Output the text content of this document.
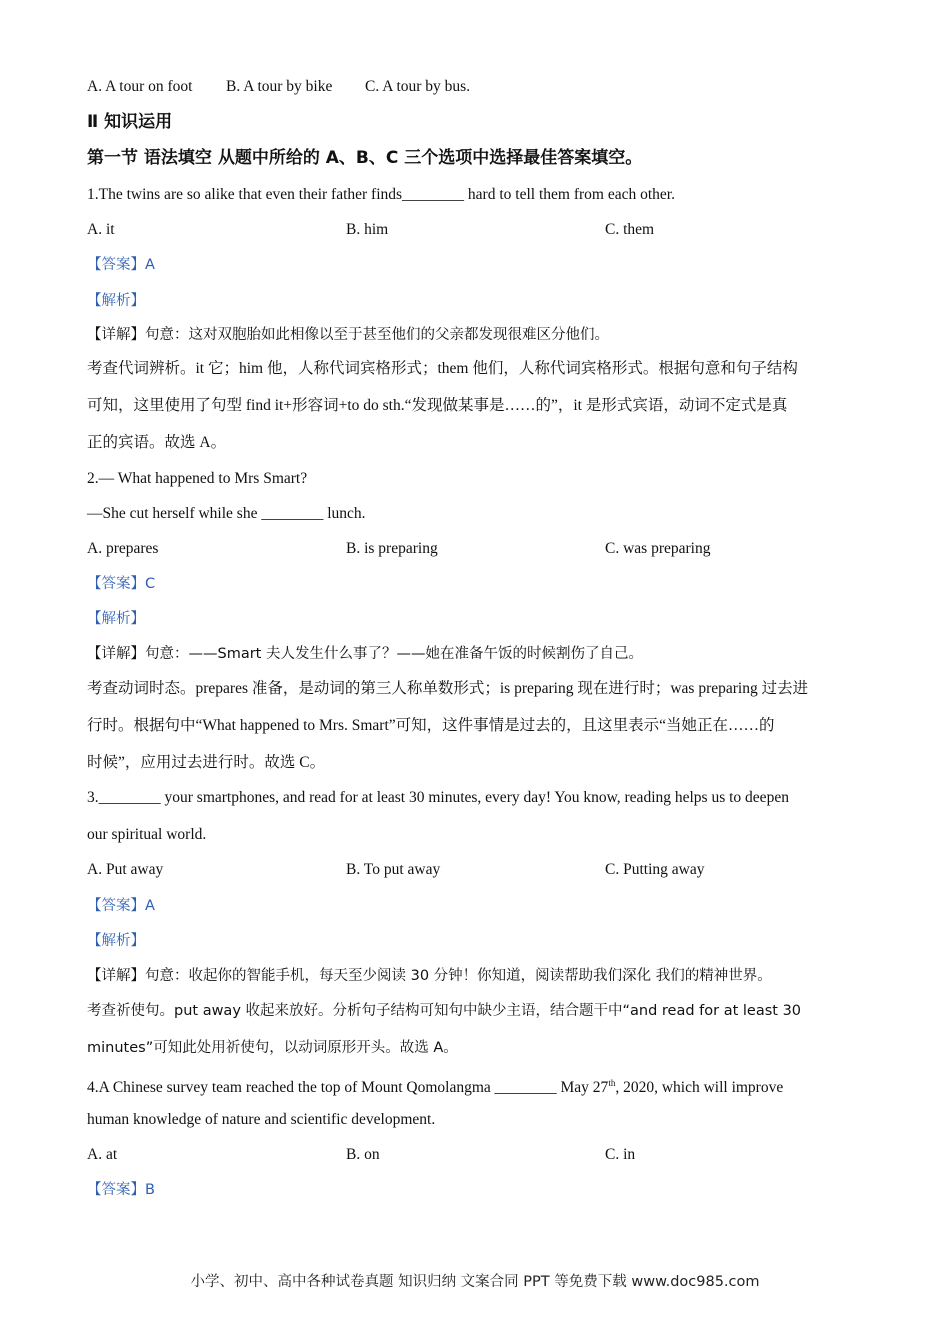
A. A tour on foot B. A tour by bike C. A tour by bus.
Ⅱ 知识运用
第一节 语法填空 从题中所给的 A、B、C 三个选项中选择最佳答案填空。
1.The twins are so alike that even their father finds________ hard to tell them from each other.
A. it	B. him	C. them
【答案】A
【解析】
【详解】句意：这对双胞胎如此相像以至于甚至他们的父亲都发现很难区分他们。
考查代词辨析。it 它；him 他，人称代词宾格形式；them 他们，人称代词宾格形式。根据句意和句子结构
可知，这里使用了句型 find it+形容词+to do sth.“发现做某事是……的”，it 是形式宾语，动词不定式是真
正的宾语。故选 A。
2.— What happened to Mrs Smart?
—She cut herself while she ________ lunch.
A. prepares	B. is preparing	C. was preparing
【答案】C
【解析】
【详解】句意：——Smart 夫人发生什么事了？——她在准备午饭的时候割伤了自己。
考查动词时态。prepares 准备，是动词的第三人称单数形式；is preparing 现在进行时；was preparing 过去进
行时。根据句中“What happened to Mrs. Smart”可知，这件事情是过去的，且这里表示“当她正在……的
时候”，应用过去进行时。故选 C。
3.________ your smartphones, and read for at least 30 minutes, every day! You know, reading helps us to deepen
our spiritual world.
A. Put away	B. To put away	C. Putting away
【答案】A
【解析】
【详解】句意：收起你的智能手机，每天至少阅读 30 分钟！你知道，阅读帮助我们深化 我们的精神世界。
考查祈使句。put away 收起来放好。分析句子结构可知句中缺少主语，结合题干中“and read for at least 30
minutes”可知此处用祈使句，以动词原形开头。故选 A。
4.A Chinese survey team reached the top of Mount Qomolangma ________ May 27th, 2020, which will improve
human knowledge of nature and scientific development.
A. at	B. on	C. in
【答案】B
小学、初中、高中各种试卷真题 知识归纳 文案合同 PPT 等免费下载 www.doc985.com
